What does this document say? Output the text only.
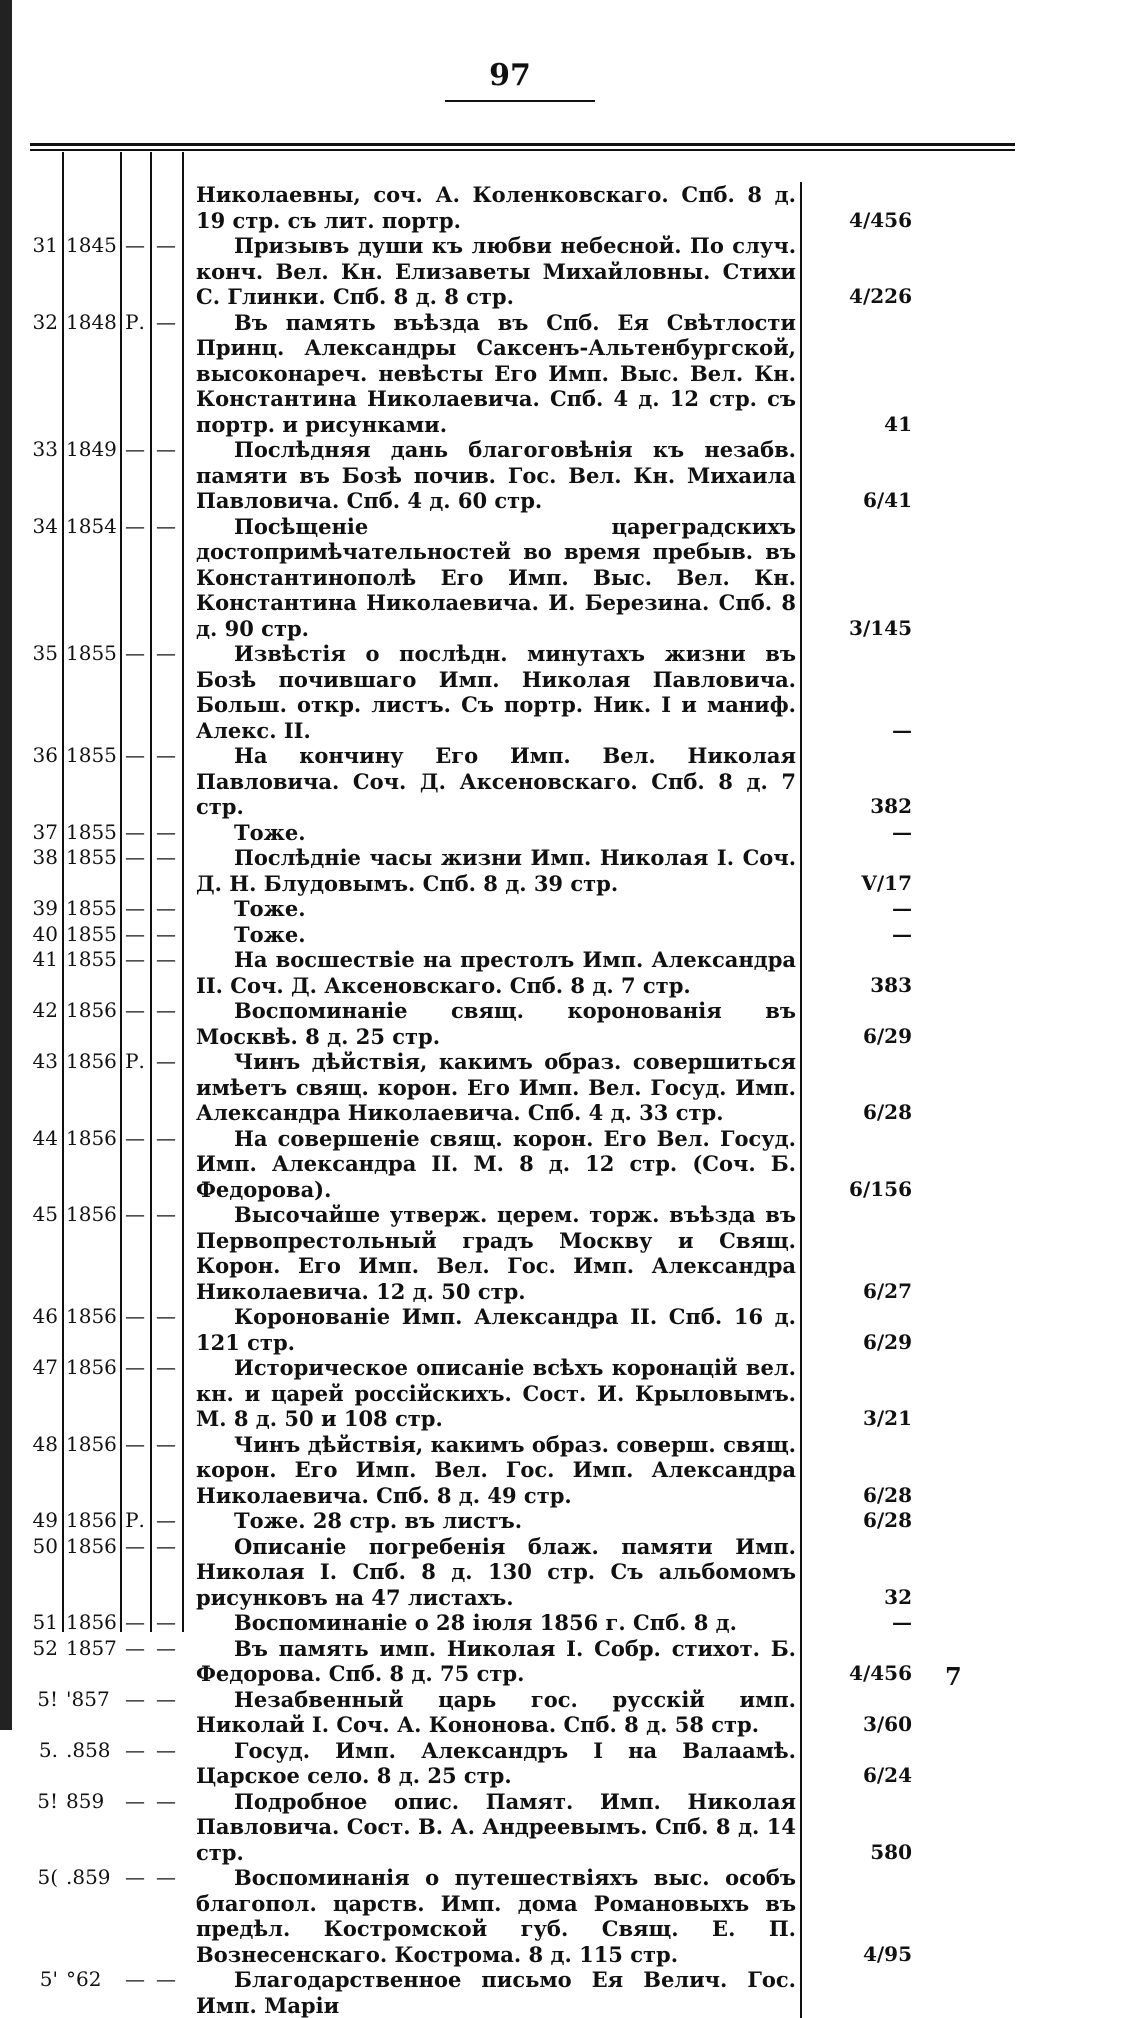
97
Николаевны, соч. А. Коленковскаго. Спб. 8 д. 19 стр. съ лит. портр.	4/456
31 1845 — —	Призывъ души къ любви небесной. По случ. конч. Вел. Кн. Елизаветы Михайловны. Стихи С. Глинки. Спб. 8 д. 8 стр.	4/226
32 1848 Р. —	Въ память въѣзда въ Спб. Ея Свѣтлости Принц. Александры Саксенъ-Альтенбургской, высоконареч. невѣсты Его Имп. Выс. Вел. Кн. Константина Николаевича. Спб. 4 д. 12 стр. съ портр. и рисунками.	41
33 1849 — —	Послѣдняя дань благоговѣнія къ незабв. памяти въ Бозѣ почив. Гос. Вел. Кн. Михаила Павловича. Спб. 4 д. 60 стр.	6/41
34 1854 — —	Посѣщеніе цареградскихъ достопримѣчательностей во время пребыв. въ Константинополѣ Его Имп. Выс. Вел. Кн. Константина Николаевича. И. Березина. Спб. 8 д. 90 стр.	3/145
35 1855 — —	Извѣстія о послѣдн. минутахъ жизни въ Бозѣ почившаго Имп. Николая Павловича. Больш. откр. листъ. Съ портр. Ник. I и маниф. Алекс. II.	—
36 1855 — —	На кончину Его Имп. Вел. Николая Павловича. Соч. Д. Аксеновскаго. Спб. 8 д. 7 стр.	382
37 1855 — —	Тоже.	—
38 1855 — —	Послѣдніе часы жизни Имп. Николая I. Соч. Д. Н. Блудовымъ. Спб. 8 д. 39 стр.	V/17
39 1855 — —	Тоже.	—
40 1855 — —	Тоже.	—
41 1855 — —	На восшествіе на престолъ Имп. Александра II. Соч. Д. Аксеновскаго. Спб. 8 д. 7 стр.	383
42 1856 — —	Воспоминаніе свящ. коронованія въ Москвѣ. 8 д. 25 стр.	6/29
43 1856 Р. —	Чинъ дѣйствія, какимъ образ. совершиться имѣетъ свящ. корон. Его Имп. Вел. Госуд. Имп. Александра Николаевича. Спб. 4 д. 33 стр.	6/28
44 1856 — —	На совершеніе свящ. корон. Его Вел. Госуд. Имп. Александра II. М. 8 д. 12 стр. (Соч. Б. Федорова).	6/156
45 1856 — —	Высочайше утверж. церем. торж. въѣзда въ Первопрестольный градъ Москву и Свящ. Корон. Его Имп. Вел. Гос. Имп. Александра Николаевича. 12 д. 50 стр.	6/27
46 1856 — —	Коронованіе Имп. Александра II. Спб. 16 д. 121 стр.	6/29
47 1856 — —	Историческое описаніе всѣхъ коронацій вел. кн. и царей россійскихъ. Сост. И. Крыловымъ. М. 8 д. 50 и 108 стр.	3/21
48 1856 — —	Чинъ дѣйствія, какимъ образ. соверш. свящ. корон. Его Имп. Вел. Гос. Имп. Александра Николаевича. Спб. 8 д. 49 стр.	6/28
49 1856 Р. —	Тоже. 28 стр. въ листъ.	6/28
50 1856 — —	Описаніе погребенія блаж. памяти Имп. Николая I. Спб. 8 д. 130 стр. Съ альбомомъ рисунковъ на 47 листахъ.	32
51 1856 — —	Воспоминаніе о 28 іюля 1856 г. Спб. 8 д.	—
52 1857 — —	Въ память имп. Николая I. Собр. стихот. Б. Федорова. Спб. 8 д. 75 стр.	4/456
5! '857 — —	Незабвенный царь гос. русскій имп. Николай I. Соч. А. Кононова. Спб. 8 д. 58 стр.	3/60
5. .858 — —	Госуд. Имп. Александръ I на Валаамѣ. Царское село. 8 д. 25 стр.	6/24
5! 859	— —	Подробное опис. Памят. Имп. Николая Павловича. Сост. В. А. Андреевымъ. Спб. 8 д. 14 стр.	580
5( .859 — —	Воспоминанія о путешествіяхъ выс. особъ благопол. царств. Имп. дома Романовыхъ въ предѣл. Костромской губ. Свящ. Е. П. Вознесенскаго. Кострома. 8 д. 115 стр.	4/95
5' °62	— —	Благодарственное письмо Ея Велич. Гос. Имп. Маріи
7
